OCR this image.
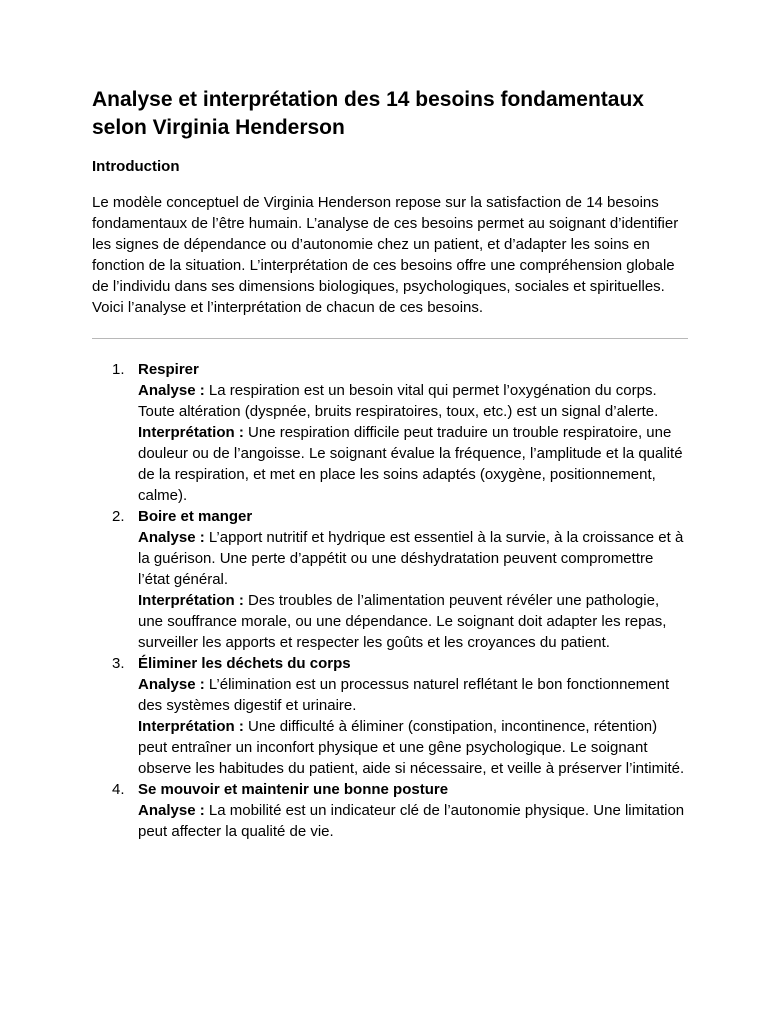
Analyse et interprétation des 14 besoins fondamentaux selon Virginia Henderson
Introduction

Le modèle conceptuel de Virginia Henderson repose sur la satisfaction de 14 besoins fondamentaux de l’être humain. L’analyse de ces besoins permet au soignant d’identifier les signes de dépendance ou d’autonomie chez un patient, et d’adapter les soins en fonction de la situation. L’interprétation de ces besoins offre une compréhension globale de l’individu dans ses dimensions biologiques, psychologiques, sociales et spirituelles. Voici l’analyse et l’interprétation de chacun de ces besoins.

1. Respirer
Analyse : La respiration est un besoin vital qui permet l’oxygénation du corps. Toute altération (dyspnée, bruits respiratoires, toux, etc.) est un signal d’alerte.
Interprétation : Une respiration difficile peut traduire un trouble respiratoire, une douleur ou de l’angoisse. Le soignant évalue la fréquence, l’amplitude et la qualité de la respiration, et met en place les soins adaptés (oxygène, positionnement, calme).
2. Boire et manger
Analyse : L’apport nutritif et hydrique est essentiel à la survie, à la croissance et à la guérison. Une perte d’appétit ou une déshydratation peuvent compromettre l’état général.
Interprétation : Des troubles de l’alimentation peuvent révéler une pathologie, une souffrance morale, ou une dépendance. Le soignant doit adapter les repas, surveiller les apports et respecter les goûts et les croyances du patient.
3. Éliminer les déchets du corps
Analyse : L’élimination est un processus naturel reflétant le bon fonctionnement des systèmes digestif et urinaire.
Interprétation : Une difficulté à éliminer (constipation, incontinence, rétention) peut entraîner un inconfort physique et une gêne psychologique. Le soignant observe les habitudes du patient, aide si nécessaire, et veille à préserver l’intimité.
4. Se mouvoir et maintenir une bonne posture
Analyse : La mobilité est un indicateur clé de l’autonomie physique. Une limitation peut affecter la qualité de vie.
